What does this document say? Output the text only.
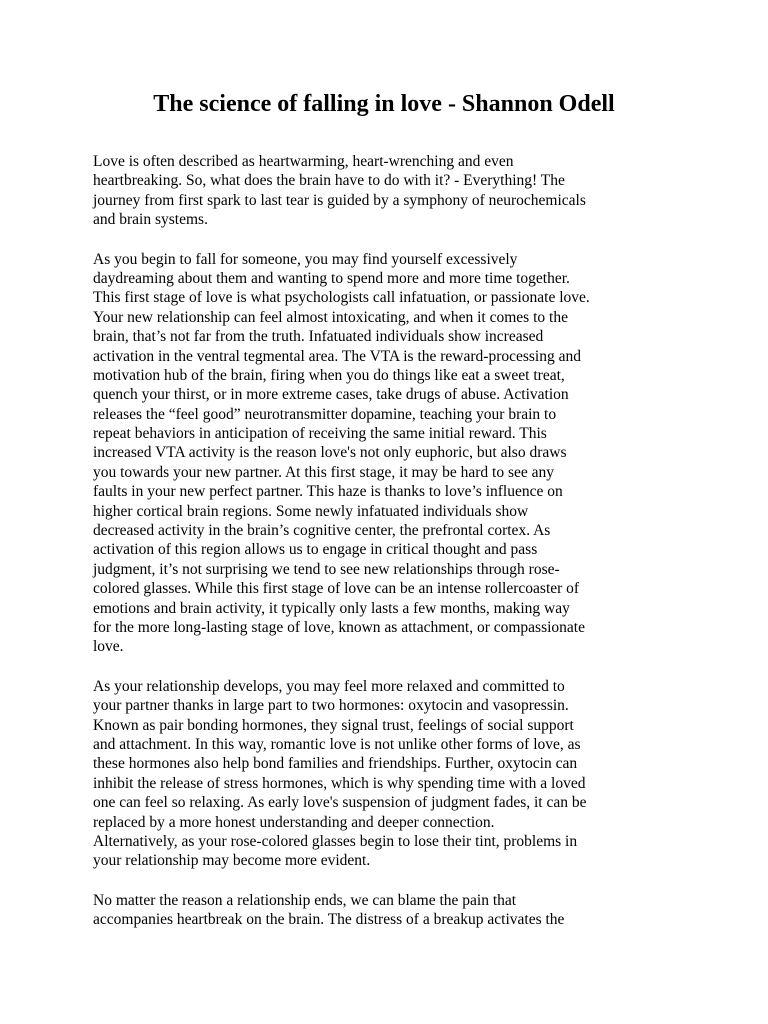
The science of falling in love - Shannon Odell
Love is often described as heartwarming, heart-wrenching and even
heartbreaking. So, what does the brain have to do with it? - Everything! The
journey from first spark to last tear is guided by a symphony of neurochemicals
and brain systems.
As you begin to fall for someone, you may find yourself excessively
daydreaming about them and wanting to spend more and more time together.
This first stage of love is what psychologists call infatuation, or passionate love.
Your new relationship can feel almost intoxicating, and when it comes to the
brain, that’s not far from the truth. Infatuated individuals show increased
activation in the ventral tegmental area. The VTA is the reward-processing and
motivation hub of the brain, firing when you do things like eat a sweet treat,
quench your thirst, or in more extreme cases, take drugs of abuse. Activation
releases the “feel good” neurotransmitter dopamine, teaching your brain to
repeat behaviors in anticipation of receiving the same initial reward. This
increased VTA activity is the reason love's not only euphoric, but also draws
you towards your new partner. At this first stage, it may be hard to see any
faults in your new perfect partner. This haze is thanks to love’s influence on
higher cortical brain regions. Some newly infatuated individuals show
decreased activity in the brain’s cognitive center, the prefrontal cortex. As
activation of this region allows us to engage in critical thought and pass
judgment, it’s not surprising we tend to see new relationships through rose-
colored glasses. While this first stage of love can be an intense rollercoaster of
emotions and brain activity, it typically only lasts a few months, making way
for the more long-lasting stage of love, known as attachment, or compassionate
love.
As your relationship develops, you may feel more relaxed and committed to
your partner thanks in large part to two hormones: oxytocin and vasopressin.
Known as pair bonding hormones, they signal trust, feelings of social support
and attachment. In this way, romantic love is not unlike other forms of love, as
these hormones also help bond families and friendships. Further, oxytocin can
inhibit the release of stress hormones, which is why spending time with a loved
one can feel so relaxing. As early love's suspension of judgment fades, it can be
replaced by a more honest understanding and deeper connection.
Alternatively, as your rose-colored glasses begin to lose their tint, problems in
your relationship may become more evident.
No matter the reason a relationship ends, we can blame the pain that
accompanies heartbreak on the brain. The distress of a breakup activates the
